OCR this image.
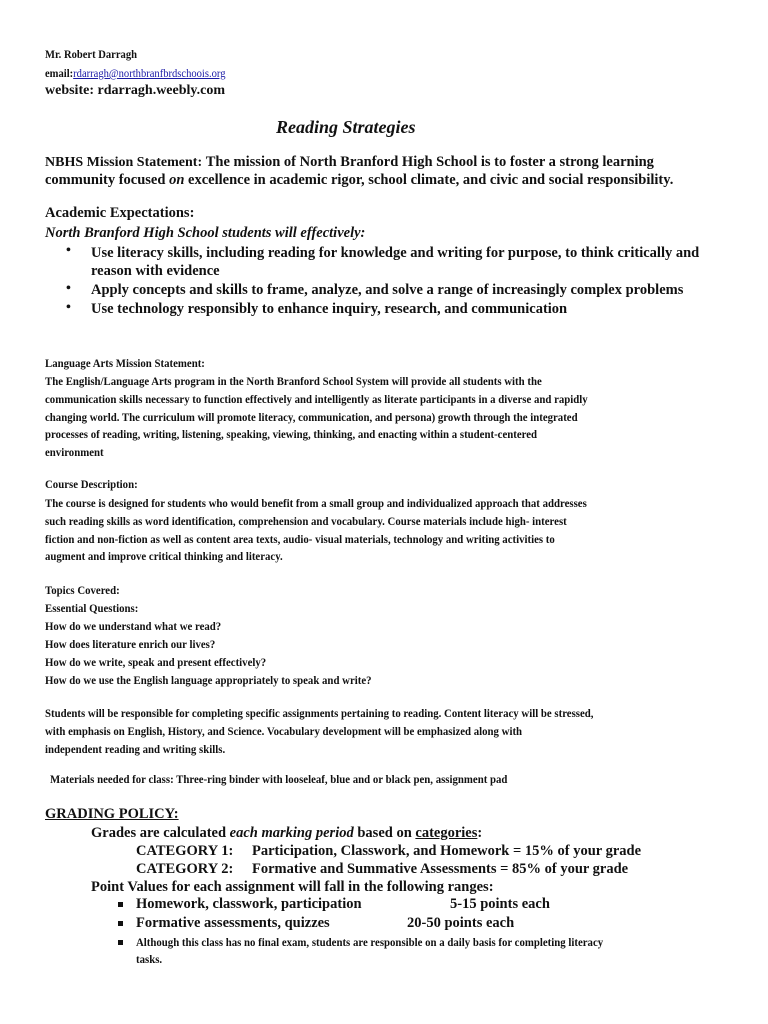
Mr. Robert Darragh
email:rdarragh@northbranfbrdschoois.org
website: rdarragh.weebly.com
Reading Strategies
NBHS Mission Statement: The mission of North Branford High School is to foster a strong learning
community focused on excellence in academic rigor, school climate, and civic and social responsibility.
Academic Expectations:
North Branford High School students will effectively:
• Use literacy skills, including reading for knowledge and writing for purpose, to think critically and
reason with evidence
• Apply concepts and skills to frame, analyze, and solve a range of increasingly complex problems
• Use technology responsibly to enhance inquiry, research, and communication
Language Arts Mission Statement:
The English/Language Arts program in the North Branford School System will provide all students with the
communication skills necessary to function effectively and intelligently as literate participants in a diverse and rapidly
changing world. The curriculum will promote literacy, communication, and persona) growth through the integrated
processes of reading, writing, listening, speaking, viewing, thinking, and enacting within a student-centered
environment
Course Description:
The course is designed for students who would benefit from a small group and individualized approach that addresses
such reading skills as word identification, comprehension and vocabulary. Course materials include high- interest
fiction and non-fiction as well as content area texts, audio- visual materials, technology and writing activities to
augment and improve critical thinking and literacy.
Topics Covered:
Essential Questions:
How do we understand what we read?
How does literature enrich our lives?
How do we write, speak and present effectively?
How do we use the English language appropriately to speak and write?
Students will be responsible for completing specific assignments pertaining to reading. Content literacy will be stressed,
with emphasis on English, History, and Science. Vocabulary development will be emphasized along with
independent reading and writing skills.
Materials needed for class: Three-ring binder with looseleaf, blue and or black pen, assignment pad
GRADING POLICY:
Grades are calculated each marking period based on categories:
CATEGORY 1: Participation, Classwork, and Homework = 15% of your grade
CATEGORY 2: Formative and Summative Assessments = 85% of your grade
Point Values for each assignment will fall in the following ranges:
Homework, classwork, participation	5-15 points each
Formative assessments, quizzes	20-50 points each
Although this class has no final exam, students are responsible on a daily basis for completing literacy
tasks.
